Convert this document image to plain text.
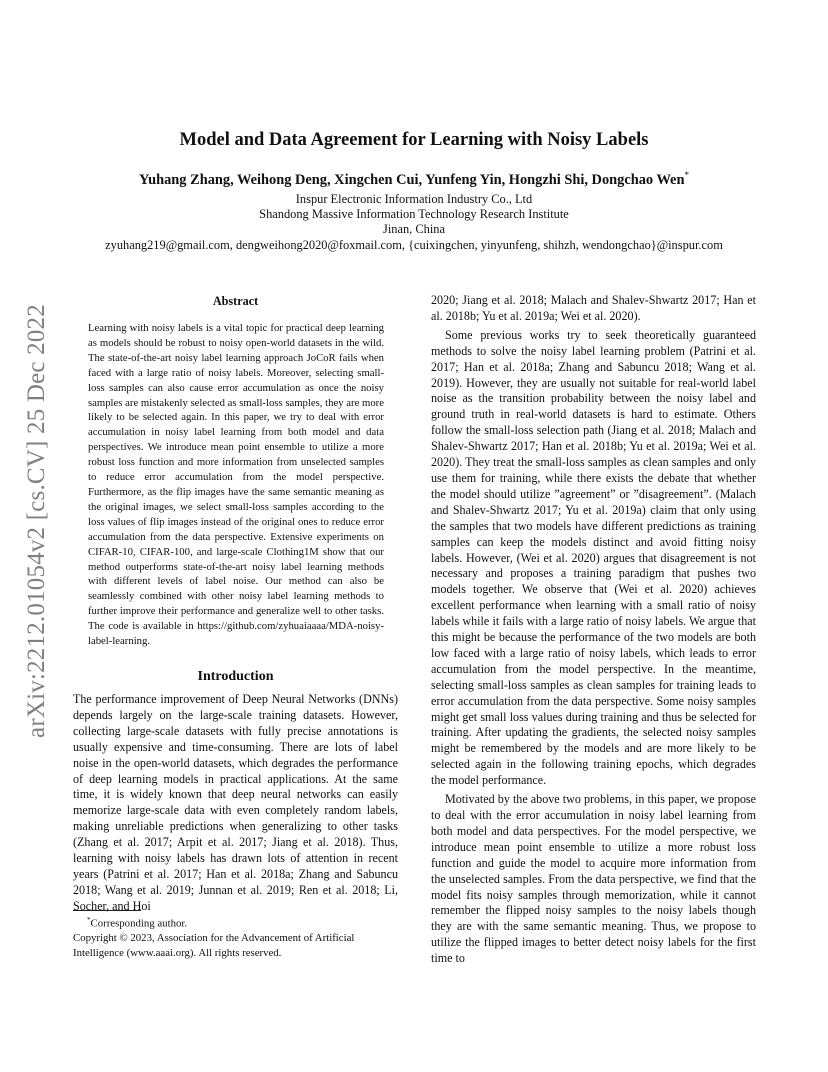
arXiv:2212.01054v2 [cs.CV] 25 Dec 2022
Model and Data Agreement for Learning with Noisy Labels
Yuhang Zhang, Weihong Deng, Xingchen Cui, Yunfeng Yin, Hongzhi Shi, Dongchao Wen*
Inspur Electronic Information Industry Co., Ltd
Shandong Massive Information Technology Research Institute
Jinan, China
zyuhang219@gmail.com, dengweihong2020@foxmail.com, {cuixingchen, yinyunfeng, shihzh, wendongchao}@inspur.com
Abstract

Learning with noisy labels is a vital topic for practical deep learning as models should be robust to noisy open-world datasets in the wild. The state-of-the-art noisy label learning approach JoCoR fails when faced with a large ratio of noisy labels. Moreover, selecting small-loss samples can also cause error accumulation as once the noisy samples are mistakenly selected as small-loss samples, they are more likely to be selected again. In this paper, we try to deal with error accumulation in noisy label learning from both model and data perspectives. We introduce mean point ensemble to utilize a more robust loss function and more information from unselected samples to reduce error accumulation from the model perspective. Furthermore, as the flip images have the same semantic meaning as the original images, we select small-loss samples according to the loss values of flip images instead of the original ones to reduce error accumulation from the data perspective. Extensive experiments on CIFAR-10, CIFAR-100, and large-scale Clothing1M show that our method outperforms state-of-the-art noisy label learning methods with different levels of label noise. Our method can also be seamlessly combined with other noisy label learning methods to further improve their performance and generalize well to other tasks. The code is available in https://github.com/zyhuaiaaaa/MDA-noisy-label-learning.

Introduction

The performance improvement of Deep Neural Networks (DNNs) depends largely on the large-scale training datasets. However, collecting large-scale datasets with fully precise annotations is usually expensive and time-consuming. There are lots of label noise in the open-world datasets, which degrades the performance of deep learning models in practical applications. At the same time, it is widely known that deep neural networks can easily memorize large-scale data with even completely random labels, making unreliable predictions when generalizing to other tasks (Zhang et al. 2017; Arpit et al. 2017; Jiang et al. 2018). Thus, learning with noisy labels has drawn lots of attention in recent years (Patrini et al. 2017; Han et al. 2018a; Zhang and Sabuncu 2018; Wang et al. 2019; Junnan et al. 2019; Ren et al. 2018; Li, Socher, and Hoi

2020; Jiang et al. 2018; Malach and Shalev-Shwartz 2017; Han et al. 2018b; Yu et al. 2019a; Wei et al. 2020).

Some previous works try to seek theoretically guaranteed methods to solve the noisy label learning problem (Patrini et al. 2017; Han et al. 2018a; Zhang and Sabuncu 2018; Wang et al. 2019). However, they are usually not suitable for real-world label noise as the transition probability between the noisy label and ground truth in real-world datasets is hard to estimate. Others follow the small-loss selection path (Jiang et al. 2018; Malach and Shalev-Shwartz 2017; Han et al. 2018b; Yu et al. 2019a; Wei et al. 2020). They treat the small-loss samples as clean samples and only use them for training, while there exists the debate that whether the model should utilize ”agreement” or ”disagreement”. (Malach and Shalev-Shwartz 2017; Yu et al. 2019a) claim that only using the samples that two models have different predictions as training samples can keep the models distinct and avoid fitting noisy labels. However, (Wei et al. 2020) argues that disagreement is not necessary and proposes a training paradigm that pushes two models together. We observe that (Wei et al. 2020) achieves excellent performance when learning with a small ratio of noisy labels while it fails with a large ratio of noisy labels. We argue that this might be because the performance of the two models are both low faced with a large ratio of noisy labels, which leads to error accumulation from the model perspective. In the meantime, selecting small-loss samples as clean samples for training leads to error accumulation from the data perspective. Some noisy samples might get small loss values during training and thus be selected for training. After updating the gradients, the selected noisy samples might be remembered by the models and are more likely to be selected again in the following training epochs, which degrades the model performance.

Motivated by the above two problems, in this paper, we propose to deal with the error accumulation in noisy label learning from both model and data perspectives. For the model perspective, we introduce mean point ensemble to utilize a more robust loss function and guide the model to acquire more information from the unselected samples. From the data perspective, we find that the model fits noisy samples through memorization, while it cannot remember the flipped noisy samples to the noisy labels though they are with the same semantic meaning. Thus, we propose to utilize the flipped images to better detect noisy labels for the first time to

*Corresponding author.

Copyright © 2023, Association for the Advancement of Artificial Intelligence (www.aaai.org). All rights reserved.
